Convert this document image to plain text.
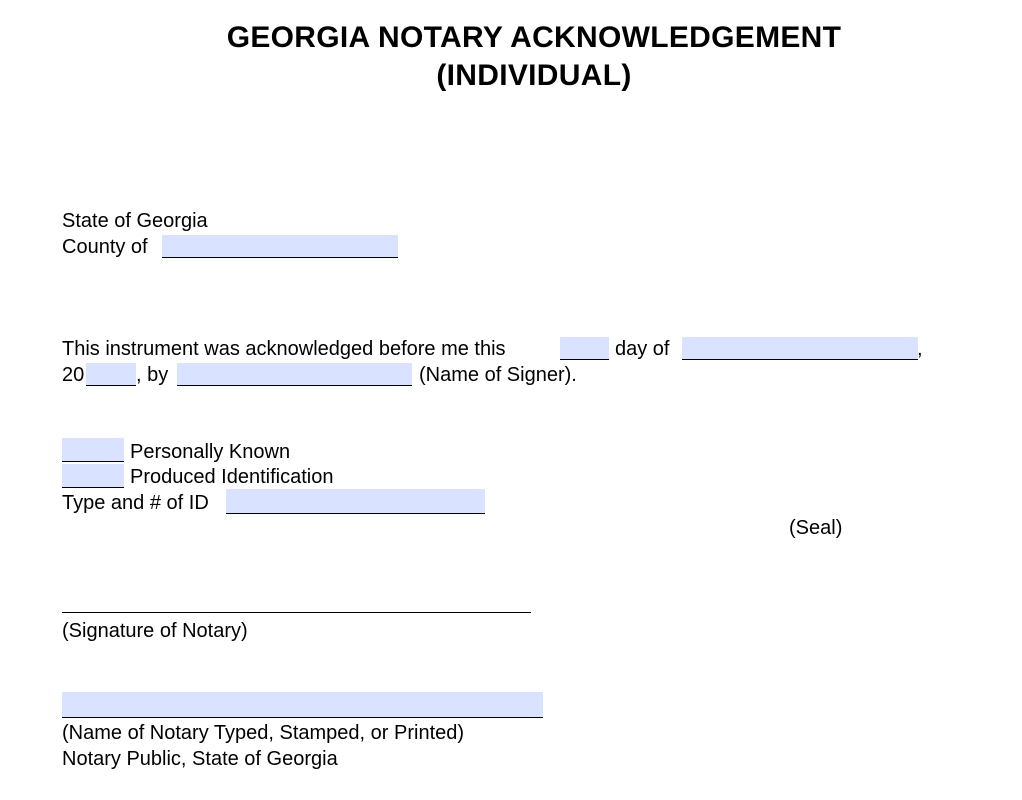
GEORGIA NOTARY ACKNOWLEDGEMENT
(INDIVIDUAL)
State of Georgia
County of
This instrument was acknowledged before me this	day of	,
20	, by	(Name of Signer).
Personally Known
Produced Identification
Type and # of ID
(Seal)
(Signature of Notary)
(Name of Notary Typed, Stamped, or Printed)
Notary Public, State of Georgia
